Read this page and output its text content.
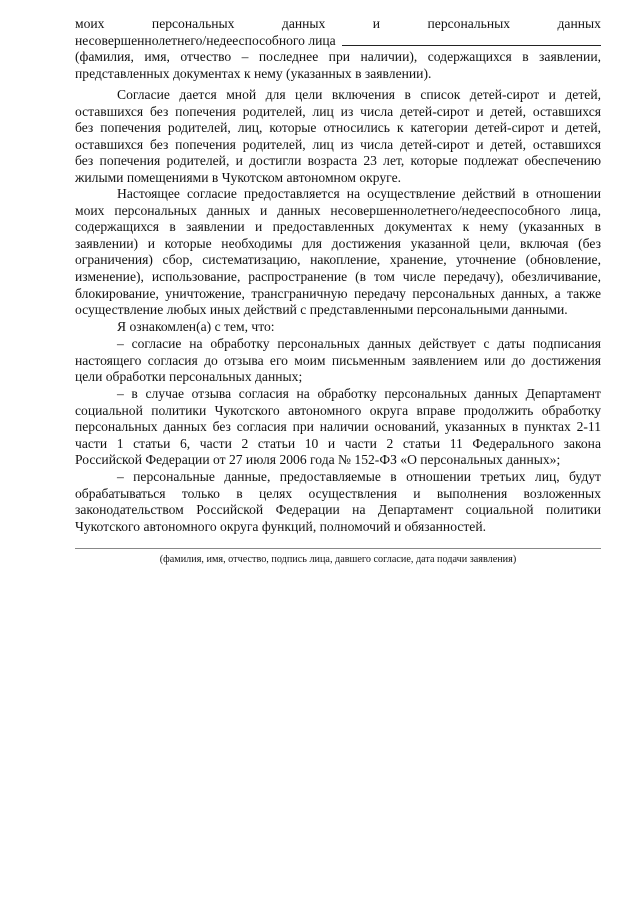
моих	персональных	данных	и	персональных	данных
несовершеннолетнего/недееспособного лица
(фамилия, имя, отчество – последнее при наличии), содержащихся в заявлении,
представленных документах к нему (указанных в заявлении).
Согласие дается мной для цели включения в список детей-сирот и детей,
оставшихся без попечения родителей, лиц из числа детей-сирот и детей, оставшихся
без попечения родителей, лиц, которые относились к категории детей-сирот и детей,
оставшихся без попечения родителей, лиц из числа детей-сирот и детей, оставшихся
без попечения родителей, и достигли возраста 23 лет, которые подлежат обеспечению
жилыми помещениями в Чукотском автономном округе.
Настоящее согласие предоставляется на осуществление действий в отношении
моих персональных данных и данных несовершеннолетнего/недееспособного лица,
содержащихся в заявлении и предоставленных документах к нему (указанных в
заявлении) и которые необходимы для достижения указанной цели, включая (без
ограничения) сбор, систематизацию, накопление, хранение, уточнение (обновление,
изменение), использование, распространение (в том числе передачу), обезличивание,
блокирование, уничтожение, трансграничную передачу персональных данных, а также
осуществление любых иных действий с представленными персональными данными.
Я ознакомлен(а) с тем, что:
– согласие на обработку персональных данных действует с даты подписания
настоящего согласия до отзыва его моим письменным заявлением или до достижения
цели обработки персональных данных;
– в случае отзыва согласия на обработку персональных данных Департамент
социальной политики Чукотского автономного округа вправе продолжить обработку
персональных данных без согласия при наличии оснований, указанных в пунктах 2-11
части 1 статьи 6, части 2 статьи 10 и части 2 статьи 11 Федерального закона
Российской Федерации от 27 июля 2006 года № 152-ФЗ «О персональных данных»;
– персональные данные, предоставляемые в отношении третьих лиц, будут
обрабатываться только в целях осуществления и выполнения возложенных
законодательством Российской Федерации на Департамент социальной политики
Чукотского автономного округа функций, полномочий и обязанностей.
(фамилия, имя, отчество, подпись лица, давшего согласие, дата подачи заявления)
